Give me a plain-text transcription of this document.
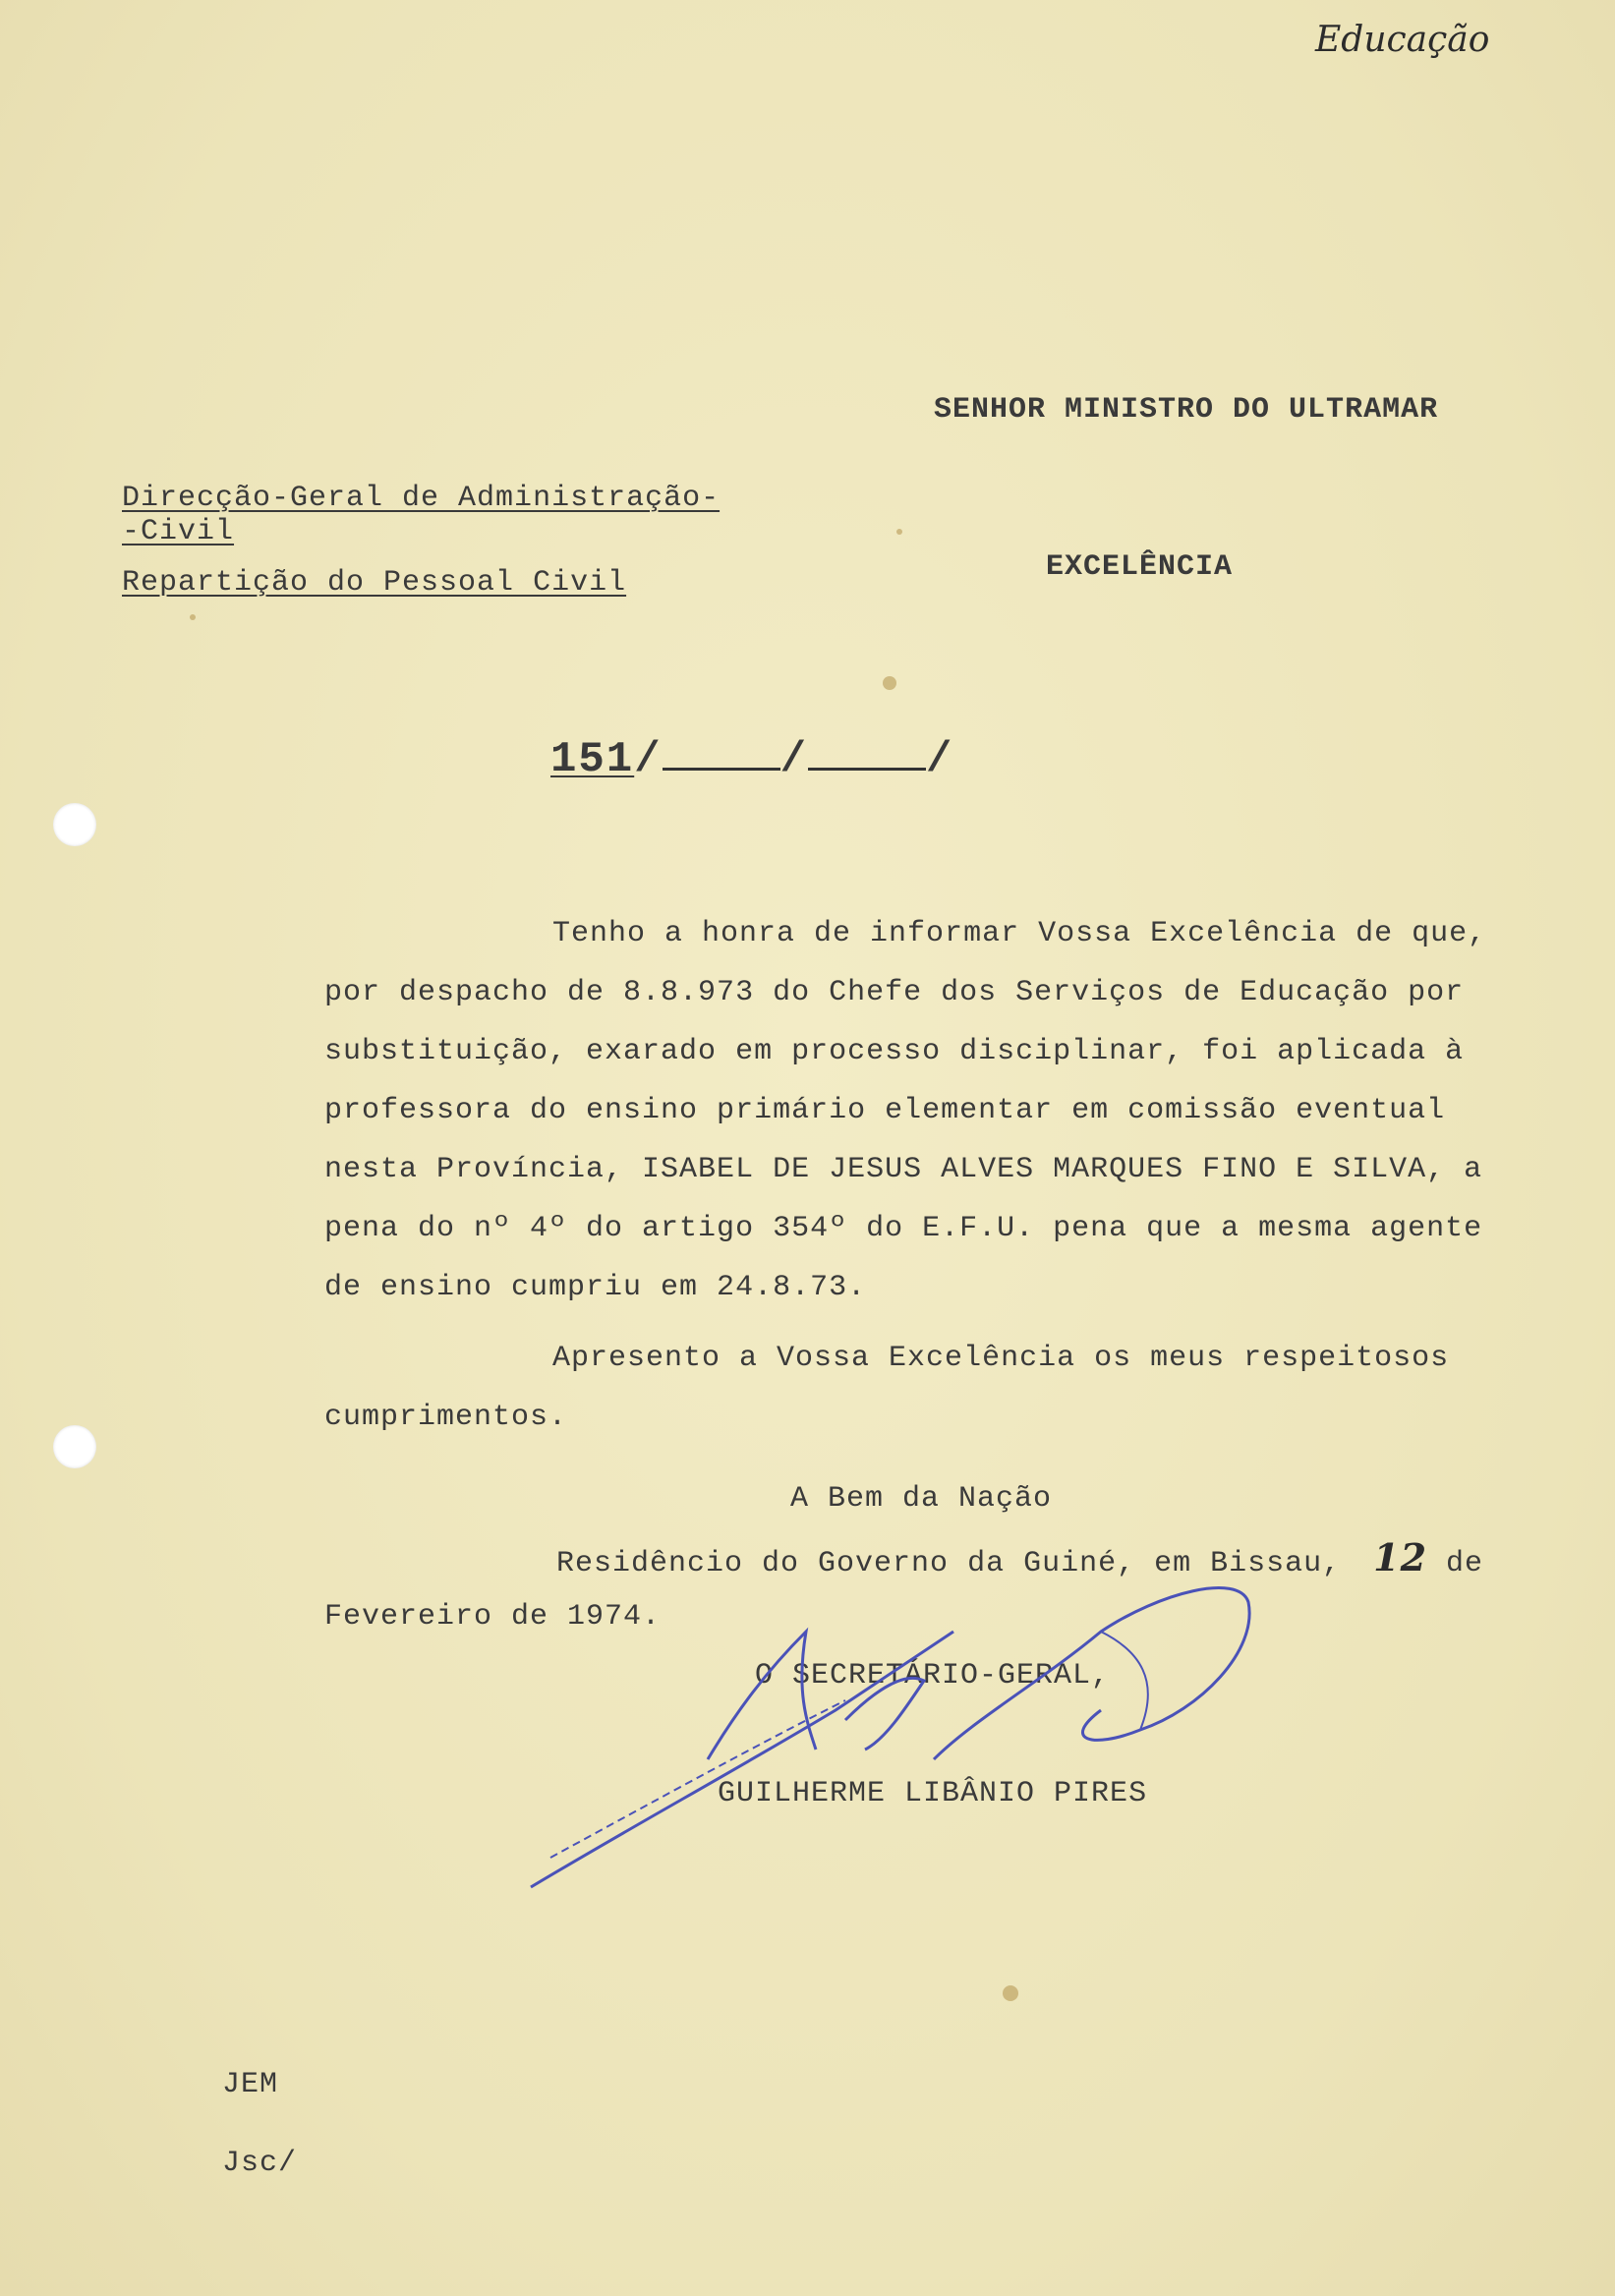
Educação
SENHOR MINISTRO DO ULTRAMAR
Direcção-Geral de Administração-
-Civil
Repartição do Pessoal Civil	EXCELÊNCIA
151/	/	/
Tenho a honra de informar Vossa Excelência de que,
por despacho de 8.8.973 do Chefe dos Serviços de Educação por
substituição, exarado em processo disciplinar, foi aplicada à
professora do ensino primário elementar em comissão eventual
nesta Província, ISABEL DE JESUS ALVES MARQUES FINO E SILVA, a
pena do nº 4º do artigo 354º do E.F.U. pena que a mesma agente
de ensino cumpriu em 24.8.73.
Apresento a Vossa Excelência os meus respeitosos
cumprimentos.
A Bem da Nação
Residêncio do Governo da Guiné, em Bissau, 12 de
Fevereiro de 1974.
O SECRETÁRIO-GERAL,
GUILHERME LIBÂNIO PIRES
JEM
Jsc/
